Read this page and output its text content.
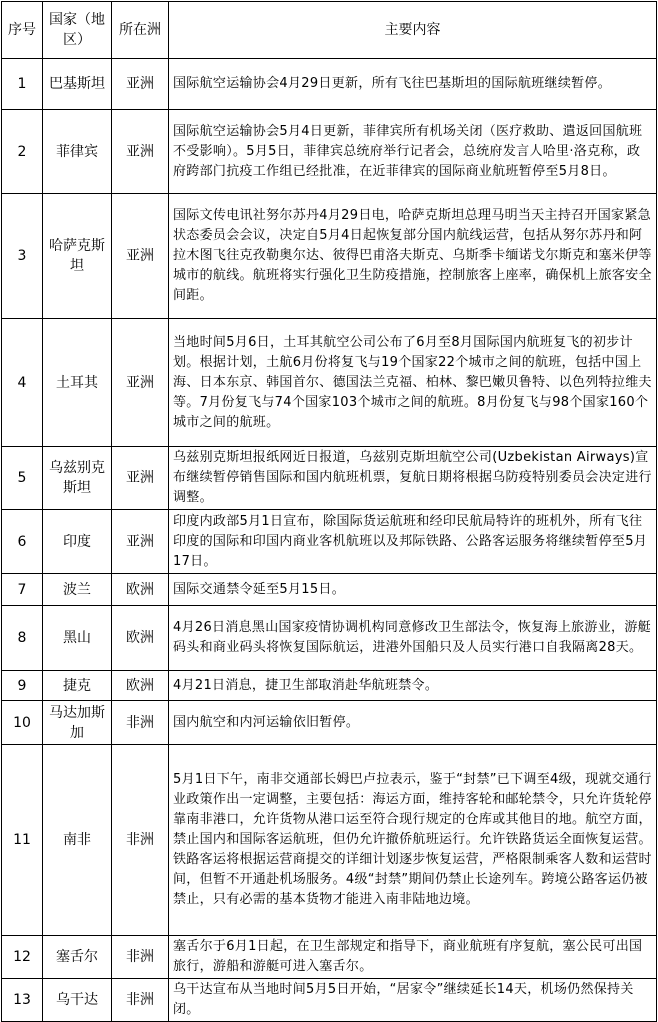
序号	国家（地区）	所在洲	主要内容
1	巴基斯坦	亚洲	国际航空运输协会4月29日更新，所有飞往巴基斯坦的国际航班继续暂停。
2	菲律宾	亚洲	国际航空运输协会5月4日更新，菲律宾所有机场关闭（医疗救助、遣返回国航班不受影响）。5月5日，菲律宾总统府举行记者会，总统府发言人哈里·洛克称，政府跨部门抗疫工作组已经批准，在近菲律宾的国际商业航班暂停至5月8日。
3	哈萨克斯坦	亚洲	国际文传电讯社努尔苏丹4月29日电，哈萨克斯坦总理马明当天主持召开国家紧急状态委员会会议，决定自5月4日起恢复部分国内航线运营，包括从努尔苏丹和阿拉木图飞往克孜勒奥尔达、彼得巴甫洛夫斯克、乌斯季卡缅诺戈尔斯克和塞米伊等城市的航线。航班将实行强化卫生防疫措施，控制旅客上座率，确保机上旅客安全间距。
4	土耳其	亚洲	当地时间5月6日，土耳其航空公司公布了6月至8月国际国内航班复飞的初步计划。根据计划，土航6月份将复飞与19个国家22个城市之间的航班，包括中国上海、日本东京、韩国首尔、德国法兰克福、柏林、黎巴嫩贝鲁特、以色列特拉维夫等。7月份复飞与74个国家103个城市之间的航班。8月份复飞与98个国家160个城市之间的航班。
5	乌兹别克斯坦	亚洲	乌兹别克斯坦报纸网近日报道，乌兹别克斯坦航空公司(Uzbekistan Airways)宣布继续暂停销售国际和国内航班机票，复航日期将根据乌防疫特别委员会决定进行调整。
6	印度	亚洲	印度内政部5月1日宣布，除国际货运航班和经印民航局特许的班机外，所有飞往印度的国际和印国内商业客机航班以及邦际铁路、公路客运服务将继续暂停至5月17日。
7	波兰	欧洲	国际交通禁令延至5月15日。
8	黑山	欧洲	4月26日消息黑山国家疫情协调机构同意修改卫生部法令，恢复海上旅游业，游艇码头和商业码头将恢复国际航运，进港外国船只及人员实行港口自我隔离28天。
9	捷克	欧洲	4月21日消息，捷卫生部取消赴华航班禁令。
10	马达加斯加	非洲	国内航空和内河运输依旧暂停。
11	南非	非洲	5月1日下午，南非交通部长姆巴卢拉表示，鉴于“封禁”已下调至4级，现就交通行业政策作出一定调整，主要包括：海运方面，维持客轮和邮轮禁令，只允许货轮停靠南非港口，允许货物从港口运至符合现行规定的仓库或其他目的地。航空方面，禁止国内和国际客运航班，但仍允许撤侨航班运行。允许铁路货运全面恢复运营。铁路客运将根据运营商提交的详细计划逐步恢复运营，严格限制乘客人数和运营时间，但暂不开通赴机场服务。4级“封禁”期间仍禁止长途列车。跨境公路客运仍被禁止，只有必需的基本货物才能进入南非陆地边境。
12	塞舌尔	非洲	塞舌尔于6月1日起，在卫生部规定和指导下，商业航班有序复航，塞公民可出国旅行，游船和游艇可进入塞舌尔。
13	乌干达	非洲	乌干达宣布从当地时间5月5日开始，“居家令”继续延长14天，机场仍然保持关闭。
